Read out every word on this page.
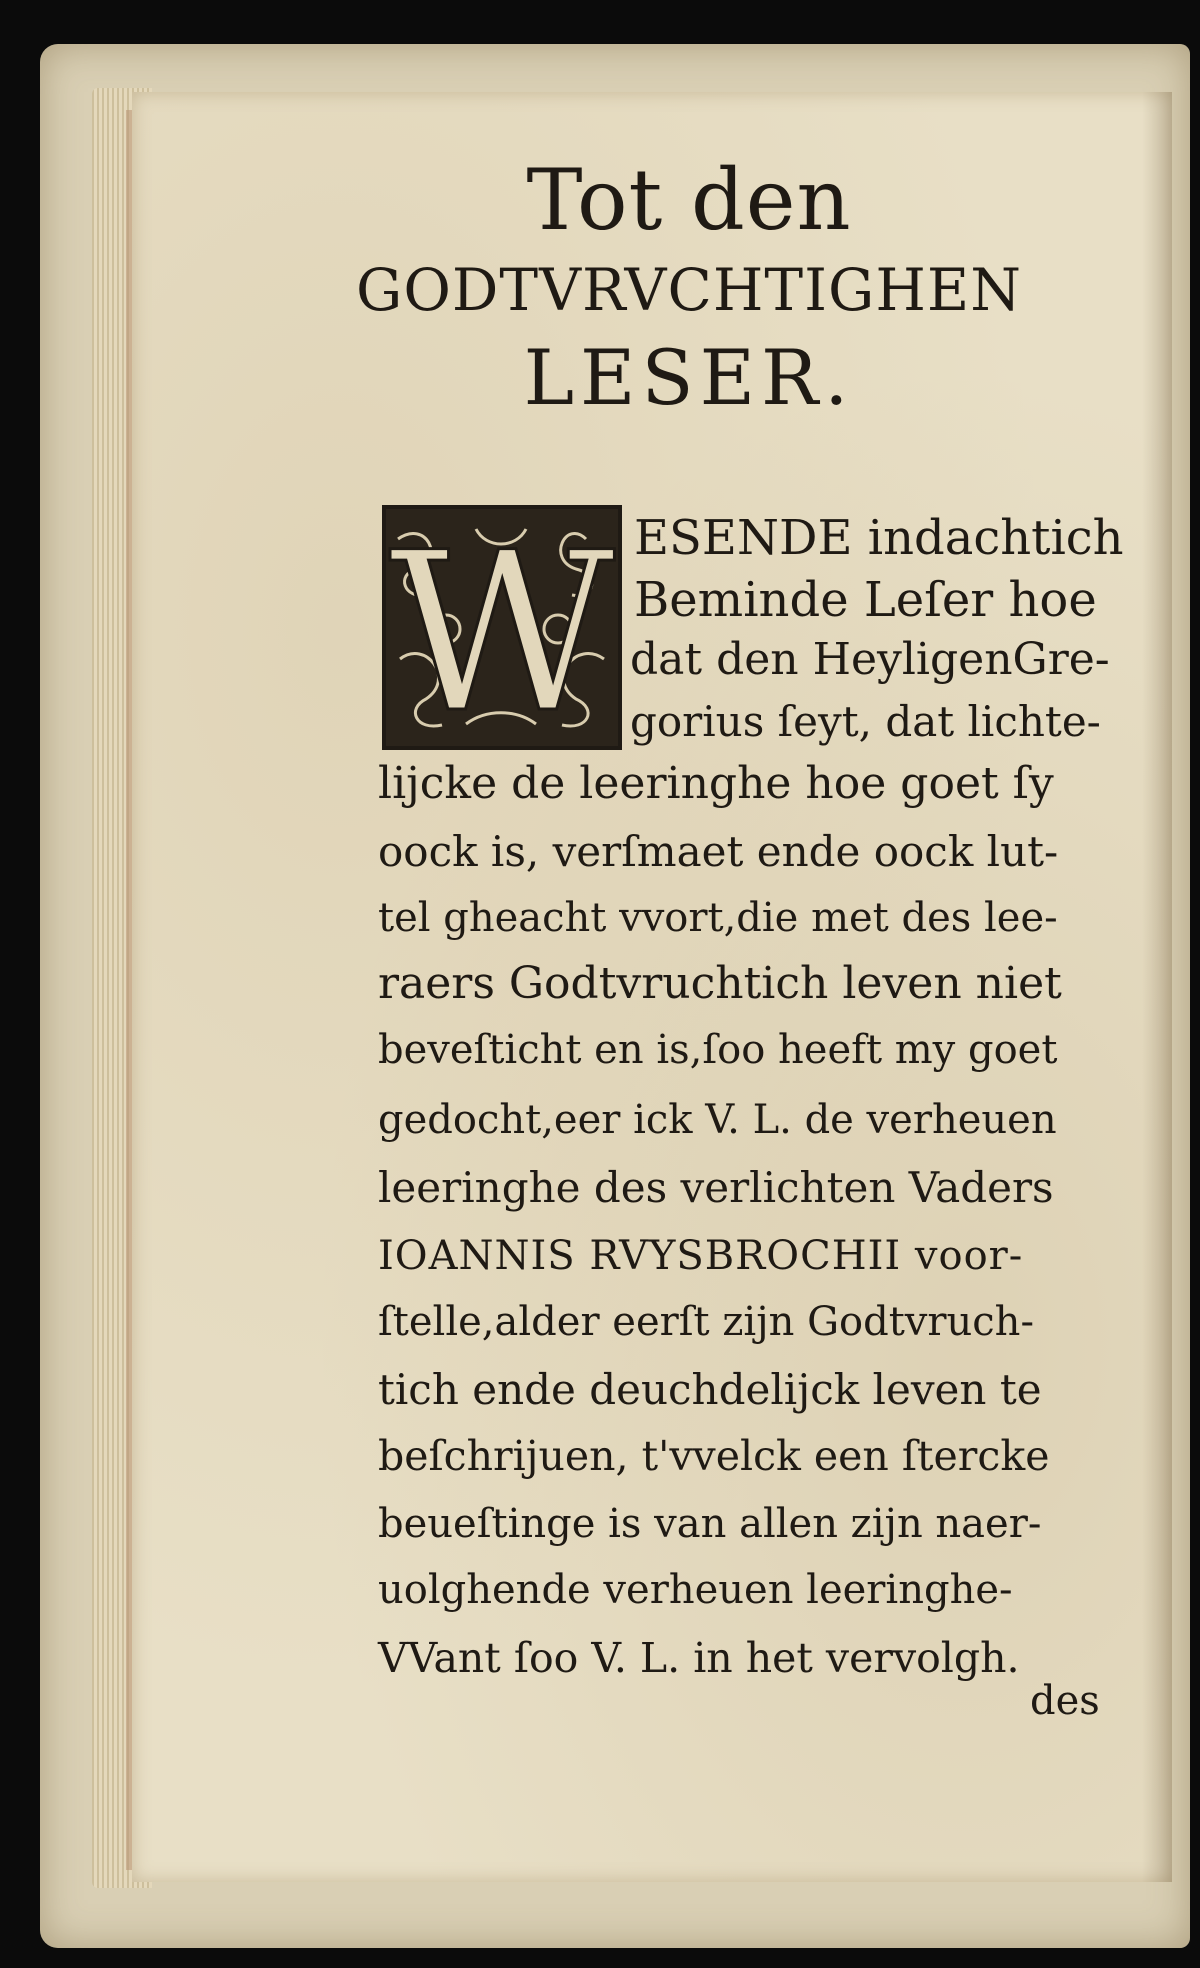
Tot den
GODTVRVCHTIGHEN
LESER.
W ESENDE indachtich
Beminde Leſer hoe
dat den HeyligenGre-
gorius ſeyt, dat lichte-
lijcke de leeringhe hoe goet ſy
oock is, verſmaet ende oock lut-
tel gheacht vvort,die met des lee-
raers Godtvruchtich leven niet
beveſticht en is,ſoo heeft my goet
gedocht,eer ick V. L. de verheuen
leeringhe des verlichten Vaders
IOANNIS RVYSBROCHII voor-
ſtelle,alder eerſt zijn Godtvruch-
tich ende deuchdelijck leven te
beſchrijuen, t'vvelck een ſtercke
beueſtinge is van allen zijn naer-
uolghende verheuen leeringhe-
VVant ſoo V. L. in het vervolgh.
des
